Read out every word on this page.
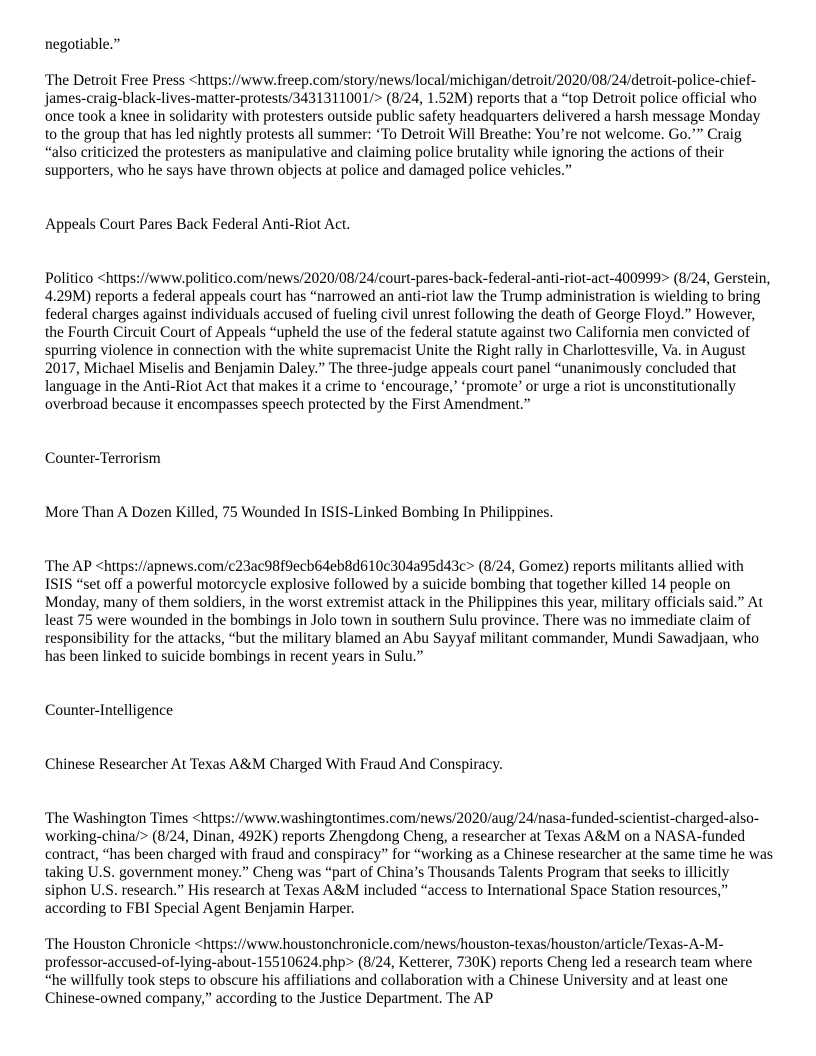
negotiable.”

The Detroit Free Press <https://www.freep.com/story/news/local/michigan/detroit/2020/08/24/detroit-police-chief-james-craig-black-lives-matter-protests/3431311001/> (8/24, 1.52M) reports that a “top Detroit police official who once took a knee in solidarity with protesters outside public safety headquarters delivered a harsh message Monday to the group that has led nightly protests all summer: ‘To Detroit Will Breathe: You’re not welcome. Go.’” Craig “also criticized the protesters as manipulative and claiming police brutality while ignoring the actions of their supporters, who he says have thrown objects at police and damaged police vehicles.”

Appeals Court Pares Back Federal Anti-Riot Act.

Politico <https://www.politico.com/news/2020/08/24/court-pares-back-federal-anti-riot-act-400999> (8/24, Gerstein, 4.29M) reports a federal appeals court has “narrowed an anti-riot law the Trump administration is wielding to bring federal charges against individuals accused of fueling civil unrest following the death of George Floyd.” However, the Fourth Circuit Court of Appeals “upheld the use of the federal statute against two California men convicted of spurring violence in connection with the white supremacist Unite the Right rally in Charlottesville, Va. in August 2017, Michael Miselis and Benjamin Daley.” The three-judge appeals court panel “unanimously concluded that language in the Anti-Riot Act that makes it a crime to ‘encourage,’ ‘promote’ or urge a riot is unconstitutionally overbroad because it encompasses speech protected by the First Amendment.”

Counter-Terrorism

More Than A Dozen Killed, 75 Wounded In ISIS-Linked Bombing In Philippines.

The AP <https://apnews.com/c23ac98f9ecb64eb8d610c304a95d43c> (8/24, Gomez) reports militants allied with ISIS “set off a powerful motorcycle explosive followed by a suicide bombing that together killed 14 people on Monday, many of them soldiers, in the worst extremist attack in the Philippines this year, military officials said.” At least 75 were wounded in the bombings in Jolo town in southern Sulu province. There was no immediate claim of responsibility for the attacks, “but the military blamed an Abu Sayyaf militant commander, Mundi Sawadjaan, who has been linked to suicide bombings in recent years in Sulu.”

Counter-Intelligence

Chinese Researcher At Texas A&M Charged With Fraud And Conspiracy.

The Washington Times <https://www.washingtontimes.com/news/2020/aug/24/nasa-funded-scientist-charged-also-working-china/> (8/24, Dinan, 492K) reports Zhengdong Cheng, a researcher at Texas A&M on a NASA-funded contract, “has been charged with fraud and conspiracy” for “working as a Chinese researcher at the same time he was taking U.S. government money.” Cheng was “part of China’s Thousands Talents Program that seeks to illicitly siphon U.S. research.” His research at Texas A&M included “access to International Space Station resources,” according to FBI Special Agent Benjamin Harper.

The Houston Chronicle <https://www.houstonchronicle.com/news/houston-texas/houston/article/Texas-A-M-professor-accused-of-lying-about-15510624.php> (8/24, Ketterer, 730K) reports Cheng led a research team where “he willfully took steps to obscure his affiliations and collaboration with a Chinese University and at least one Chinese-owned company,” according to the Justice Department. The AP
